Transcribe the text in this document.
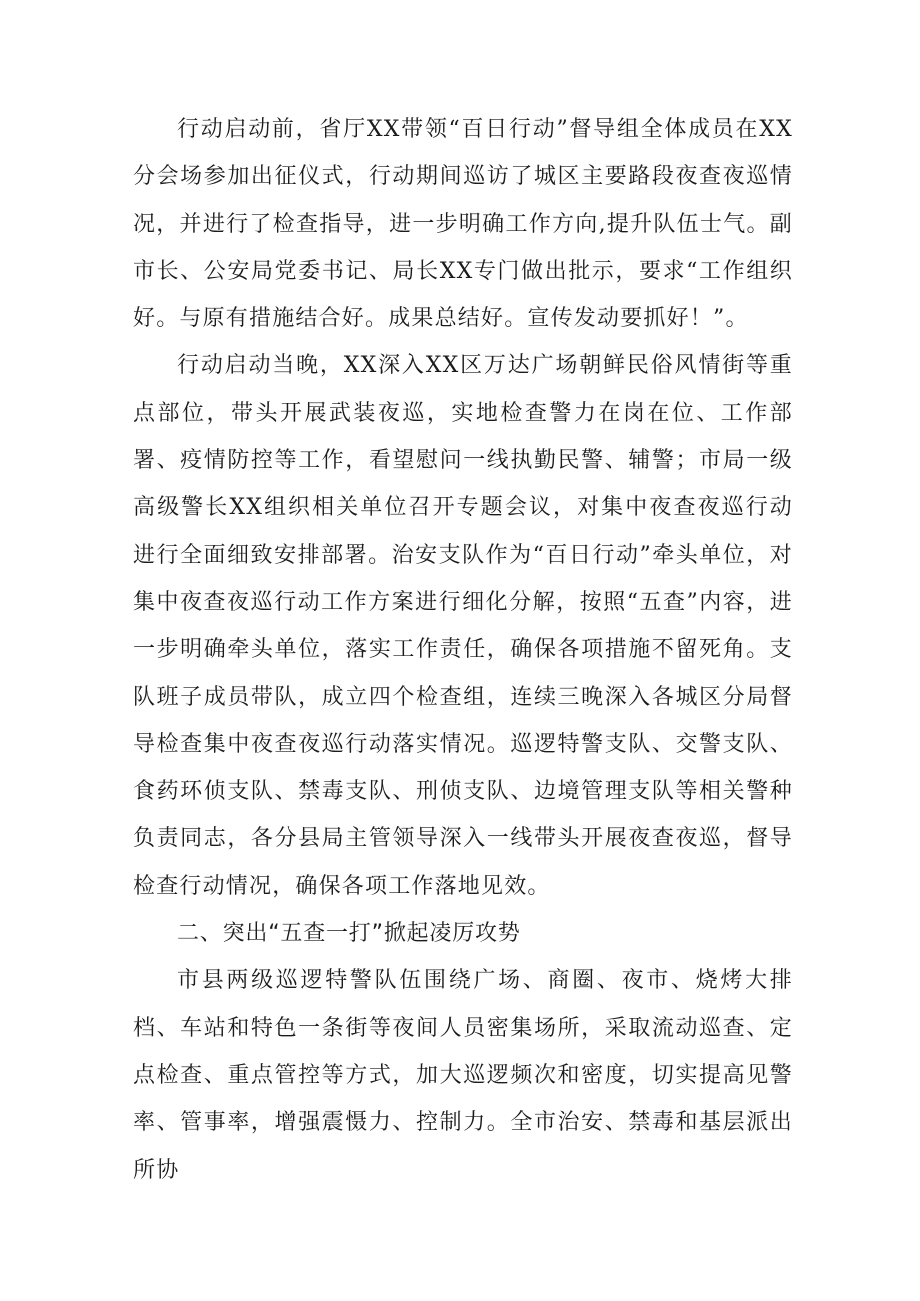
行动启动前，省厅XX带领“百日行动”督导组全体成员在XX分会场参加出征仪式，行动期间巡访了城区主要路段夜查夜巡情况，并进行了检查指导，进一步明确工作方向,提升队伍士气。副市长、公安局党委书记、局长XX专门做出批示，要求“工作组织好。与原有措施结合好。成果总结好。宣传发动要抓好！”。

行动启动当晚，XX深入XX区万达广场朝鲜民俗风情街等重点部位，带头开展武装夜巡，实地检查警力在岗在位、工作部署、疫情防控等工作，看望慰问一线执勤民警、辅警；市局一级高级警长XX组织相关单位召开专题会议，对集中夜查夜巡行动进行全面细致安排部署。治安支队作为“百日行动”牵头单位，对集中夜查夜巡行动工作方案进行细化分解，按照“五查”内容，进一步明确牵头单位，落实工作责任，确保各项措施不留死角。支队班子成员带队，成立四个检查组，连续三晚深入各城区分局督导检查集中夜查夜巡行动落实情况。巡逻特警支队、交警支队、食药环侦支队、禁毒支队、刑侦支队、边境管理支队等相关警种负责同志，各分县局主管领导深入一线带头开展夜查夜巡，督导检查行动情况，确保各项工作落地见效。

二、突出“五查一打”掀起凌厉攻势

市县两级巡逻特警队伍围绕广场、商圈、夜市、烧烤大排档、车站和特色一条街等夜间人员密集场所，采取流动巡查、定点检查、重点管控等方式，加大巡逻频次和密度，切实提高见警率、管事率，增强震慑力、控制力。全市治安、禁毒和基层派出所协
